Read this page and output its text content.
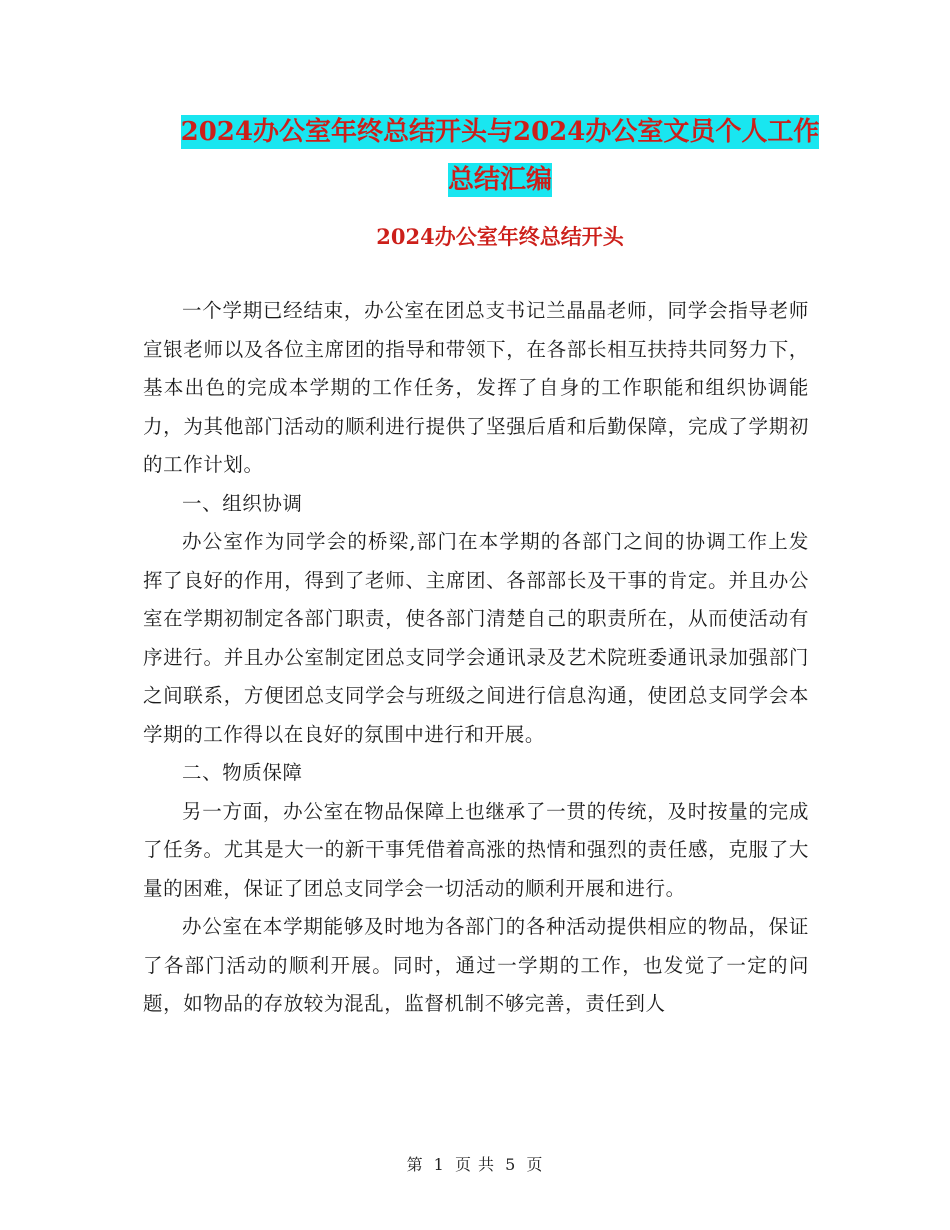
2024办公室年终总结开头与2024办公室文员个人工作
总结汇编
2024办公室年终总结开头

一个学期已经结束，办公室在团总支书记兰晶晶老师，同学会指导老师宣银老师以及各位主席团的指导和带领下，在各部长相互扶持共同努力下，基本出色的完成本学期的工作任务，发挥了自身的工作职能和组织协调能力，为其他部门活动的顺利进行提供了坚强后盾和后勤保障，完成了学期初的工作计划。

一、组织协调

办公室作为同学会的桥梁,部门在本学期的各部门之间的协调工作上发挥了良好的作用，得到了老师、主席团、各部部长及干事的肯定。并且办公室在学期初制定各部门职责，使各部门清楚自己的职责所在，从而使活动有序进行。并且办公室制定团总支同学会通讯录及艺术院班委通讯录加强部门之间联系，方便团总支同学会与班级之间进行信息沟通，使团总支同学会本学期的工作得以在良好的氛围中进行和开展。

二、物质保障

另一方面，办公室在物品保障上也继承了一贯的传统，及时按量的完成了任务。尤其是大一的新干事凭借着高涨的热情和强烈的责任感，克服了大量的困难，保证了团总支同学会一切活动的顺利开展和进行。

办公室在本学期能够及时地为各部门的各种活动提供相应的物品，保证了各部门活动的顺利开展。同时，通过一学期的工作，也发觉了一定的问题，如物品的存放较为混乱，监督机制不够完善，责任到人

第 1 页 共 5 页
